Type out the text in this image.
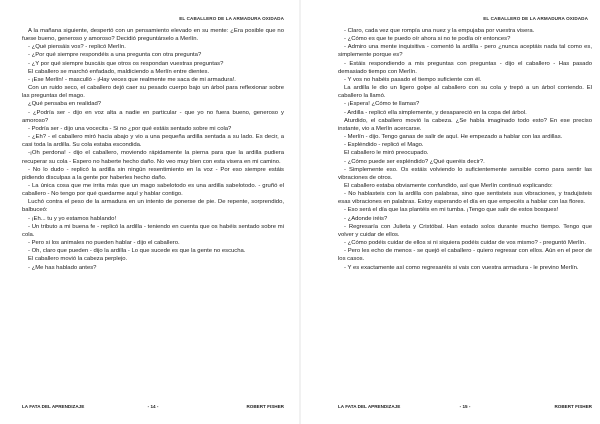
EL CABALLERO DE LA ARMADURA OXIDADA

A la mañana siguiente, despertó con un pensamiento elevado en su mente: ¿Era posible que no fuese bueno, generoso y amoroso? Decidió preguntárselo a Merlín.

- ¿Qué piensáis vos? - replicó Merlín.

- ¿Por qué siempre respondéis a una pregunta con otra pregunta?

- ¿Y por qué siempre buscáis que otros os respondan vuestras preguntas?

El caballero se marchó enfadado, maldiciendo a Merlín entre dientes.

- ¡Ese Merlín! - masculló - ¡Hay veces que realmente me saca de mi armadura!.

Con un ruido seco, el caballero dejó caer su pesado cuerpo bajo un árbol para reflexionar sobre las preguntas del mago.

¿Qué pensaba en realidad?

- ¿Podría ser - dijo en voz alta a nadie en particular - que yo no fuera bueno, generoso y amoroso?

- Podría ser - dijo una vocecita - Si no ¿por qué estáis sentado sobre mi cola?

- ¿Eh? - el caballero miró hacia abajo y vio a una pequeña ardilla sentada a su lado. Es decir, a casi toda la ardilla. Su cola estaba escondida.

-¡Oh perdona! - dijo el caballero, moviendo rápidamente la pierna para que la ardilla pudiera recuperar su cola - Espero no haberte hecho daño. No veo muy bien con esta visera en mi camino.

- No lo dudo - replicó la ardilla sin ningún resentimiento en la voz - Por eso siempre estáis pidiendo disculpas a la gente por haberles hecho daño.

- La única cosa que me irrita más que un mago sabelotodo es una ardilla sabelotodo. - gruñó el caballero - No tengo por qué quedarme aquí y hablar contigo.

Luchó contra el peso de la armadura en un intento de ponerse de pie. De repente, sorprendido, balbuceó:

- ¡Eh... tu y yo estamos hablando!

- Un tributo a mi buena fe - replicó la ardilla - teniendo en cuenta que os habéis sentado sobre mi cola.

- Pero si los animales no pueden hablar - dijo el caballero.

- Oh, claro que pueden - dijo la ardilla - Lo que sucede es que la gente no escucha.

El caballero movió la cabeza perplejo.

- ¿Me has hablado antes?

LA FATA DEL APRENDIZAJE	- 14 -	ROBERT FISHER
EL CABALLERO DE LA ARMADURA OXIDADA

- Claro, cada vez que rompía una nuez y la empujaba por vuestra visera.

- ¿Cómo es que te puedo oír ahora si no te podía oír entonces?

- Admiro una mente inquisitiva - comentó la ardilla - pero ¿nunca aceptáis nada tal como es, simplemente porque es?

- Estáis respondiendo a mis preguntas con preguntas - dijo el caballero - Has pasado demasiado tiempo con Merlín.

- Y vos no habéis pasado el tiempo suficiente con él.

La ardilla le dio un ligero golpe al caballero con su cola y trepó a un árbol corriendo. El caballero la llamó.

- ¡Espera! ¿Cómo te llamas?

- Ardilla - replicó ella simplemente, y desapareció en la copa del árbol.

Aturdido, el caballero movió la cabeza. ¿Se había imaginado todo esto? En ese preciso instante, vio a Merlín acercarse.

- Merlín - dijo. Tengo ganas de salir de aquí. He empezado a hablar con las ardillas.

- Espléndido - replicó el Mago.

El caballero le miró preocupado.

- ¿Cómo puede ser espléndido? ¿Qué queréis decir?.

- Simplemente eso. Os estáis volviendo lo suficientemente sensible como para sentir las vibraciones de otros.

El caballero estaba obviamente confundido, así que Merlín continuó explicando:

- No hablasteis con la ardilla con palabras, sino que sentisteis sus vibraciones, y tradujisteis esas vibraciones en palabras. Estoy esperando el día en que empecéis a hablar con las flores.

- Eso será el día que las plantéis en mi tumba. ¡Tengo que salir de estos bosques!

- ¿Adonde iréis?

- Regresaría con Julieta y Cristóbal. Han estado solos durante mucho tiempo. Tengo que volver y cuidar de ellos.

- ¿Cómo podéis cuidar de ellos si ni siquiera podéis cuidar de vos mismo? - preguntó Merlín.

- Pero les echo de menos - se quejó el caballero - quiero regresar con ellos. Aún en el peor de los casos.

- Y es exactamente así como regresaréis si vais con vuestra armadura - le previno Merlín.

LA FATA DEL APRENDIZAJE	- 15 -	ROBERT FISHER
